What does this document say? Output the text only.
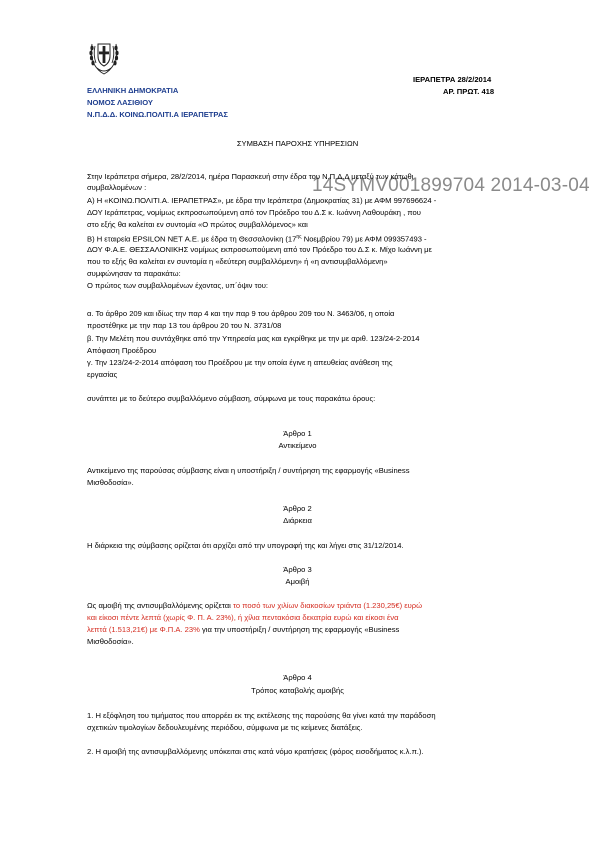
ΕΛΛΗΝΙΚΗ ΔΗΜΟΚΡΑΤΙΑ
ΝΟΜΟΣ ΛΑΣΙΘΙΟΥ
Ν.Π.Δ.Δ. ΚΟΙΝΩ.ΠΟΛΙΤΙ.Α ΙΕΡΑΠΕΤΡΑΣ
ΙΕΡΑΠΕΤΡΑ 28/2/2014
ΑΡ. ΠΡΩΤ. 418
ΣΥΜΒΑΣΗ ΠΑΡΟΧΗΣ ΥΠΗΡΕΣΙΩΝ
14SYMV001899704 2014-03-04
Στην Ιεράπετρα σήμερα, 28/2/2014, ημέρα Παρασκευή στην έδρα του Ν.Π.Δ.Δ μεταξύ των κάτωθι
συμβαλλομένων :
Α) Η «ΚΟΙΝΩ.ΠΟΛΙΤΙ.Α. ΙΕΡΑΠΕΤΡΑΣ», με έδρα την Ιεράπετρα (Δημοκρατίας 31) με ΑΦΜ 997696624 -
ΔΟΥ Ιεράπετρας, νομίμως εκπροσωπούμενη από τον Πρόεδρο του Δ.Σ κ. Ιωάννη Λαθουράκη , που
στο εξής θα καλείται εν συντομία «Ο πρώτος συμβαλλόμενος» και
Β) Η εταιρεία EPSILON NET Α.Ε. με έδρα τη Θεσσαλονίκη ($17^{\eta\varsigma}$ Νοεμβρίου 79) με ΑΦΜ 099357493 -
ΔΟΥ Φ.Α.Ε. ΘΕΣΣΑΛΟΝΙΚΗΣ νομίμως εκπροσωπούμενη από τον Πρόεδρο του Δ.Σ κ. Μίχο Ιωάννη με
που το εξής θα καλείται εν συντομία η «δεύτερη συμβαλλόμενη» ή «η αντισυμβαλλόμενη»
συμφώνησαν τα παρακάτω:
Ο πρώτος των συμβαλλομένων έχοντας, υπ΄όψιν του:
α. Το άρθρο 209 και ιδίως την παρ 4 και την παρ 9 του άρθρου 209 του Ν. 3463/06, η οποία
προστέθηκε με την παρ 13 του άρθρου 20 του Ν. 3731/08
β. Την Μελέτη που συντάχθηκε από την Υπηρεσία μας και εγκρίθηκε με την με αριθ. 123/24-2-2014
Απόφαση Προέδρου
γ. Την 123/24-2-2014 απόφαση του Προέδρου με την οποία έγινε η απευθείας ανάθεση της
εργασίας
συνάπτει με το δεύτερο συμβαλλόμενο σύμβαση, σύμφωνα με τους παρακάτω όρους:
Άρθρο 1
Αντικείμενο
Αντικείμενο της παρούσας σύμβασης είναι η υποστήριξη / συντήρηση της εφαρμογής «Business
Μισθοδοσία».
Άρθρο 2
Διάρκεια
Η διάρκεια της σύμβασης ορίζεται ότι αρχίζει από την υπογραφή της και λήγει στις 31/12/2014.
Άρθρο 3
Αμοιβή
Ως αμοιβή της αντισυμβαλλόμενης ορίζεται το ποσό των χιλίων διακοσίων τριάντα (1.230,25€) ευρώ
και είκοσι πέντε λεπτά (χωρίς Φ. Π. Α. 23%), ή χίλια πεντακόσια δεκατρία ευρώ και είκοσι ένα
λεπτά (1.513,21€) με Φ.Π.Α. 23% για την υποστήριξη / συντήρηση της εφαρμογής «Business
Μισθοδοσία».
Άρθρο 4
Τρόπος καταβολής αμοιβής
1. Η εξόφληση του τιμήματος που απορρέει εκ της εκτέλεσης της παρούσης θα γίνει κατά την παράδοση
σχετικών τιμολογίων δεδουλευμένης περιόδου, σύμφωνα με τις κείμενες διατάξεις.
2. Η αμοιβή της αντισυμβαλλόμενης υπόκειται στις κατά νόμο κρατήσεις (φόρος εισοδήματος κ.λ.π.).
